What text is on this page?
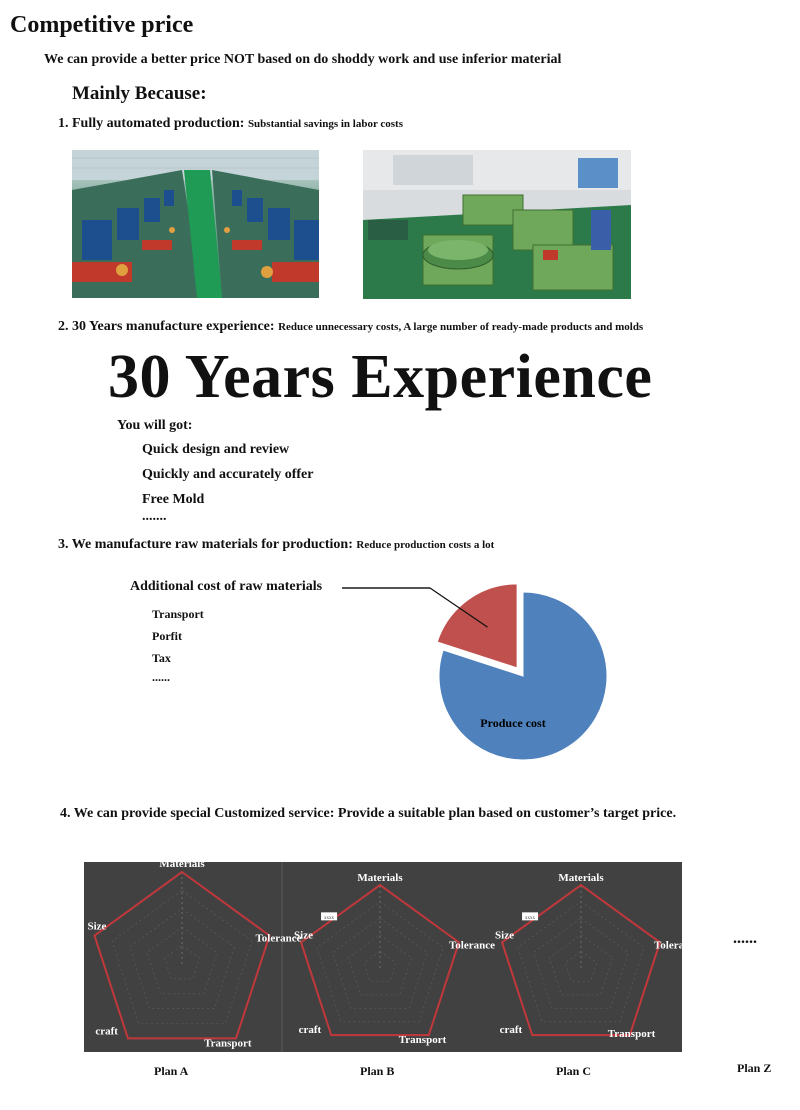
Competitive price
We can provide a better price NOT based on do shoddy work and use inferior material
Mainly Because:
1. Fully automated production: Substantial savings in labor costs
2. 30 Years manufacture experience: Reduce unnecessary costs, A large number of ready-made products and molds
30 Years Experience
You will got:
Quick design and review
Quickly and accurately offer
Free Mold
.......
3. We manufacture raw materials for production: Reduce production costs a lot
Additional cost of raw materials
Transport
Porfit
Tax
......
Produce cost
4. We can provide special Customized service: Provide a suitable plan based on customer’s target price.
Materials
Tolerance
Transport
craft
Size
Materials
Tolerance
Transport
craft
Size
xxxx
Materials
Tolerance
Transport
craft
Size
xxxx
......
Plan A	Plan B	Plan C	Plan Z
